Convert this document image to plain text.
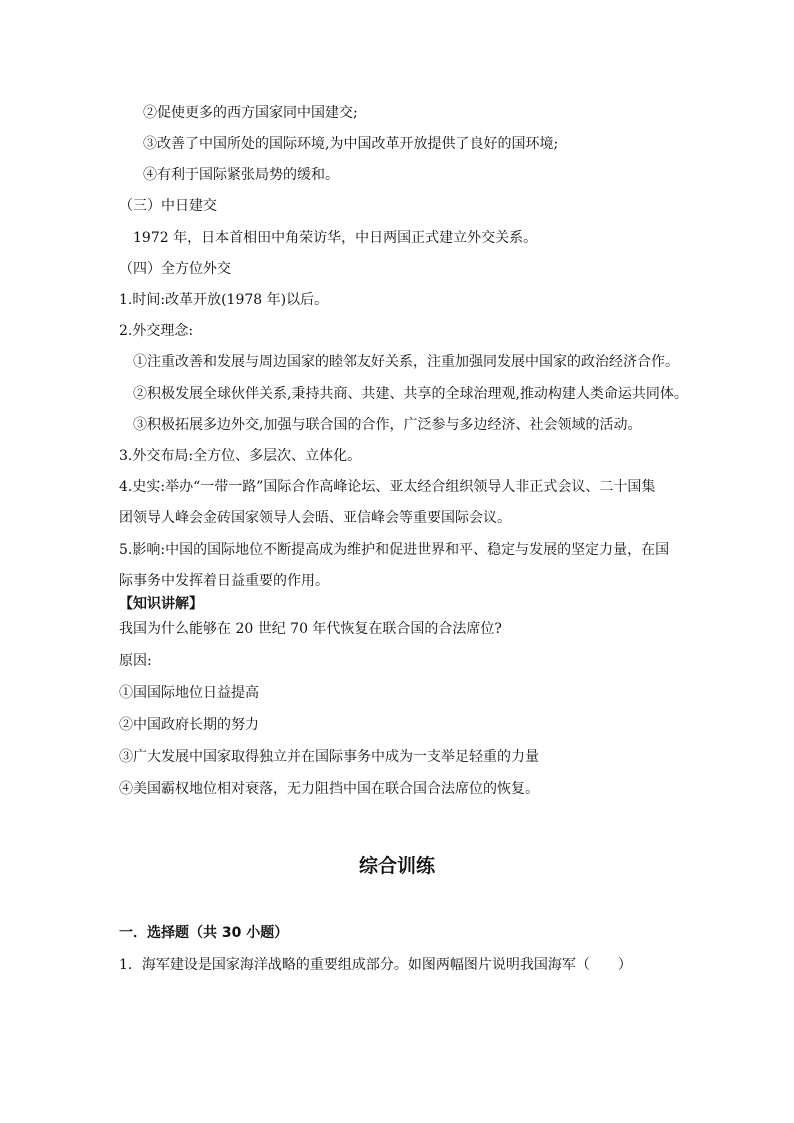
②促使更多的西方国家同中国建交;
③改善了中国所处的国际环境,为中国改革开放提供了良好的国环境;
④有利于国际紧张局势的缓和。
（三）中日建交
1972 年，日本首相田中角荣访华，中日两国正式建立外交关系。
（四）全方位外交
1.时间:改革开放(1978 年)以后。
2.外交理念:
①注重改善和发展与周边国家的睦邻友好关系，注重加强同发展中国家的政治经济合作。
②积极发展全球伙伴关系,秉持共商、共建、共享的全球治理观,推动构建人类命运共同体。
③积极拓展多边外交,加强与联合国的合作，广泛参与多边经济、社会领域的活动。
3.外交布局:全方位、多层次、立体化。
4.史实:举办“一带一路”国际合作高峰论坛、亚太经合组织领导人非正式会议、二十国集
团领导人峰会金砖国家领导人会晤、亚信峰会等重要国际会议。
5.影响:中国的国际地位不断提高成为维护和促进世界和平、稳定与发展的坚定力量，在国
际事务中发挥着日益重要的作用。
【知识讲解】
我国为什么能够在 20 世纪 70 年代恢复在联合国的合法席位?
原因:
①国国际地位日益提高
②中国政府长期的努力
③广大发展中国家取得独立并在国际事务中成为一支举足轻重的力量
④美国霸权地位相对衰落，无力阻挡中国在联合国合法席位的恢复。
综合训练
一．选择题（共 30 小题）
1．海军建设是国家海洋战略的重要组成部分。如图两幅图片说明我国海军（　　）
